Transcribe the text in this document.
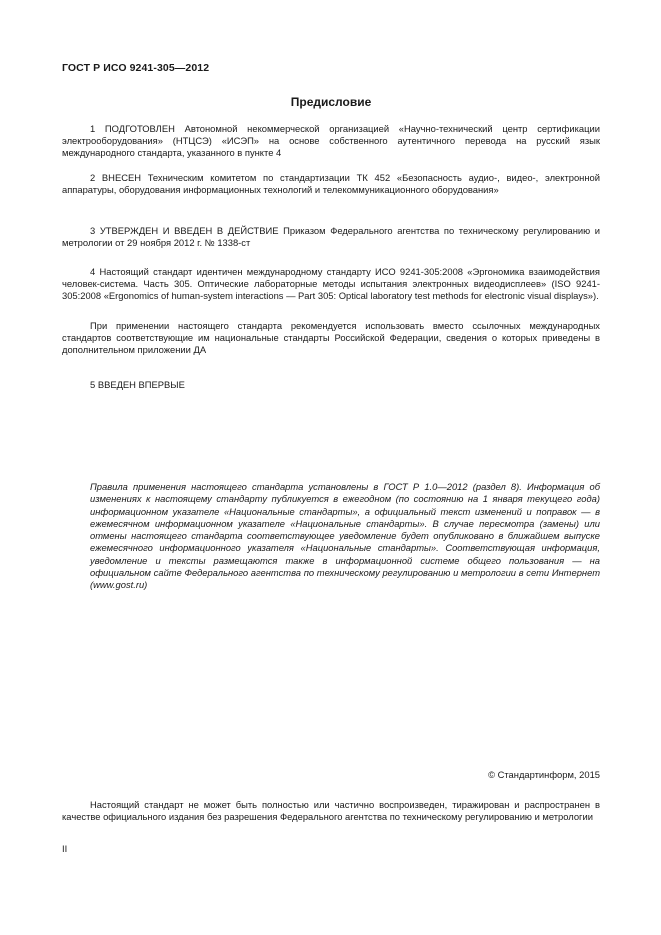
ГОСТ Р ИСО 9241-305—2012
Предисловие
1 ПОДГОТОВЛЕН Автономной некоммерческой организацией «Научно-технический центр сертификации электрооборудования» (НТЦСЭ) «ИСЭП» на основе собственного аутентичного перевода на русский язык международного стандарта, указанного в пункте 4
2 ВНЕСЕН Техническим комитетом по стандартизации ТК 452 «Безопасность аудио-, видео-, электронной аппаратуры, оборудования информационных технологий и телекоммуникационного оборудования»
3 УТВЕРЖДЕН И ВВЕДЕН В ДЕЙСТВИЕ Приказом Федерального агентства по техническому регулированию и метрологии от 29 ноября 2012 г. № 1338-ст
4 Настоящий стандарт идентичен международному стандарту ИСО 9241-305:2008 «Эргономика взаимодействия человек-система. Часть 305. Оптические лабораторные методы испытания электронных видеодисплеев» (ISO 9241-305:2008 «Ergonomics of human-system interactions — Part 305: Optical laboratory test methods for electronic visual displays»).
При применении настоящего стандарта рекомендуется использовать вместо ссылочных международных стандартов соответствующие им национальные стандарты Российской Федерации, сведения о которых приведены в дополнительном приложении ДА
5 ВВЕДЕН ВПЕРВЫЕ
Правила применения настоящего стандарта установлены в ГОСТ Р 1.0—2012 (раздел 8). Информация об изменениях к настоящему стандарту публикуется в ежегодном (по состоянию на 1 января текущего года) информационном указателе «Национальные стандарты», а официальный текст изменений и поправок — в ежемесячном информационном указателе «Национальные стандарты». В случае пересмотра (замены) или отмены настоящего стандарта соответствующее уведомление будет опубликовано в ближайшем выпуске ежемесячного информационного указателя «Национальные стандарты». Соответствующая информация, уведомление и тексты размещаются также в информационной системе общего пользования — на официальном сайте Федерального агентства по техническому регулированию и метрологии в сети Интернет (www.gost.ru)
© Стандартинформ, 2015
Настоящий стандарт не может быть полностью или частично воспроизведен, тиражирован и распространен в качестве официального издания без разрешения Федерального агентства по техническому регулированию и метрологии
II
